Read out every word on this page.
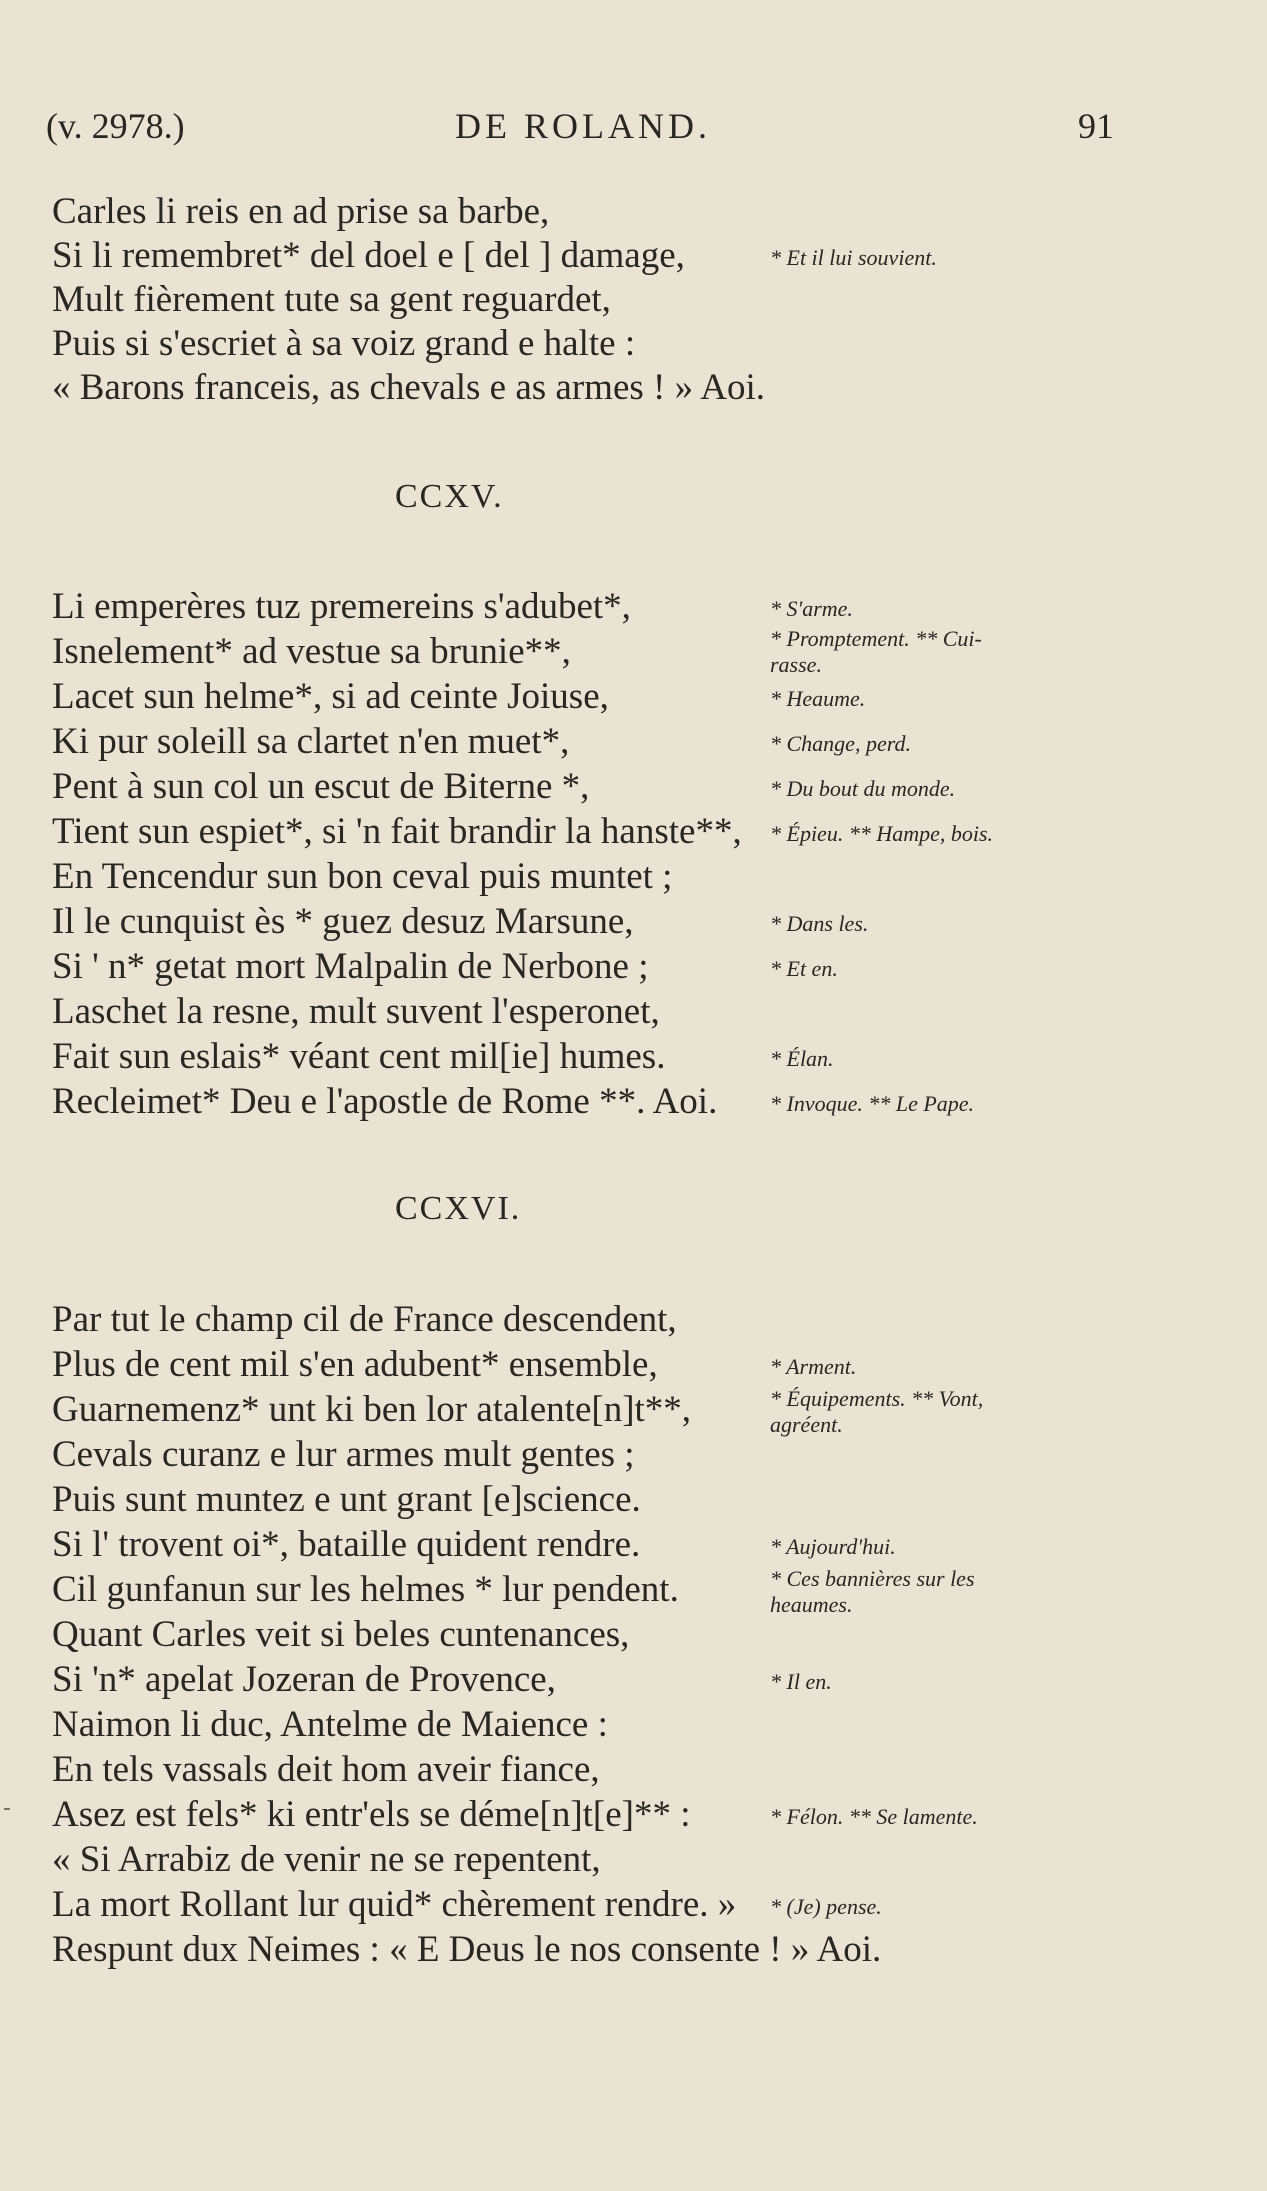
(v. 2978.)	DE ROLAND.	91
Carles li reis en ad prise sa barbe,
Si li remembret* del doel e [ del ] damage,
Mult fièrement tute sa gent reguardet,
Puis si s'escriet à sa voiz grand e halte :
« Barons franceis, as chevals e as armes ! » Aoi.
* Et il lui souvient.
CCXV.
Li emperères tuz premereins s'adubet*,
Isnelement* ad vestue sa brunie**,
Lacet sun helme*, si ad ceinte Joiuse,
Ki pur soleill sa clartet n'en muet*,
Pent à sun col un escut de Biterne *,
Tient sun espiet*, si 'n fait brandir la hanste**,
En Tencendur sun bon ceval puis muntet ;
Il le cunquist ès * guez desuz Marsune,
Si ' n* getat mort Malpalin de Nerbone ;
Laschet la resne, mult suvent l'esperonet,
Fait sun eslais* véant cent mil[ie] humes.
Recleimet* Deu e l'apostle de Rome **. Aoi.
* S'arme.
* Promptement. ** Cui-
rasse.
* Heaume.
* Change, perd.
* Du bout du monde.
* Épieu. ** Hampe, bois.
* Dans les.
* Et en.
* Élan.
* Invoque. ** Le Pape.
CCXVI.
Par tut le champ cil de France descendent,
Plus de cent mil s'en adubent* ensemble,
Guarnemenz* unt ki ben lor atalente[n]t**,
Cevals curanz e lur armes mult gentes ;
Puis sunt muntez e unt grant [e]science.
Si l' trovent oi*, bataille quident rendre.
Cil gunfanun sur les helmes * lur pendent.
Quant Carles veit si beles cuntenances,
Si 'n* apelat Jozeran de Provence,
Naimon li duc, Antelme de Maience :
En tels vassals deit hom aveir fiance,
Asez est fels* ki entr'els se déme[n]t[e]** :
« Si Arrabiz de venir ne se repentent,
La mort Rollant lur quid* chèrement rendre. »
Respunt dux Neimes : « E Deus le nos consente ! » Aoi.
* Arment.
* Équipements. ** Vont,
agréent.
* Aujourd'hui.
* Ces bannières sur les
heaumes.
* Il en.
* Félon. ** Se lamente.
* (Je) pense.
